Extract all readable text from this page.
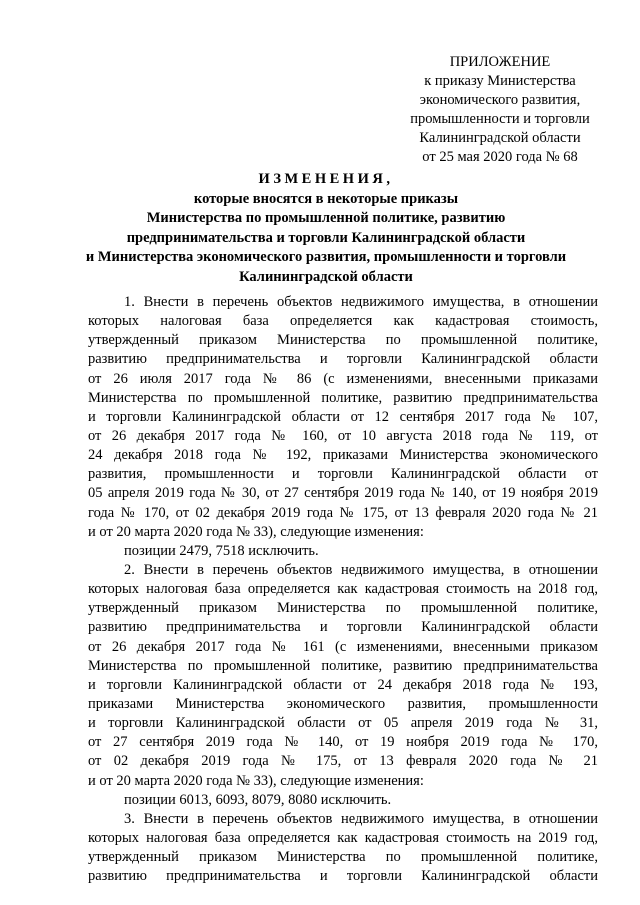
ПРИЛОЖЕНИЕ
к приказу Министерства
экономического развития,
промышленности и торговли
Калининградской области
от 25 мая 2020 года № 68
ИЗМЕНЕНИЯ,
которые вносятся в некоторые приказы
Министерства по промышленной политике, развитию
предпринимательства и торговли Калининградской области
и Министерства экономического развития, промышленности и торговли
Калининградской области
1. Внести в перечень объектов недвижимого имущества, в отношении
которых налоговая база определяется как кадастровая стоимость,
утвержденный приказом Министерства по промышленной политике,
развитию предпринимательства и торговли Калининградской области
от 26 июля 2017 года № 86 (с изменениями, внесенными приказами
Министерства по промышленной политике, развитию предпринимательства
и торговли Калининградской области от 12 сентября 2017 года № 107,
от 26 декабря 2017 года № 160, от 10 августа 2018 года № 119, от
24 декабря 2018 года № 192, приказами Министерства экономического
развития, промышленности и торговли Калининградской области от
05 апреля 2019 года № 30, от 27 сентября 2019 года № 140, от 19 ноября 2019
года № 170, от 02 декабря 2019 года № 175, от 13 февраля 2020 года № 21
и от 20 марта 2020 года № 33), следующие изменения:
позиции 2479, 7518 исключить.
2. Внести в перечень объектов недвижимого имущества, в отношении
которых налоговая база определяется как кадастровая стоимость на 2018 год,
утвержденный приказом Министерства по промышленной политике,
развитию предпринимательства и торговли Калининградской области
от 26 декабря 2017 года № 161 (с изменениями, внесенными приказом
Министерства по промышленной политике, развитию предпринимательства
и торговли Калининградской области от 24 декабря 2018 года № 193,
приказами Министерства экономического развития, промышленности
и торговли Калининградской области от 05 апреля 2019 года № 31,
от 27 сентября 2019 года № 140, от 19 ноября 2019 года № 170,
от 02 декабря 2019 года № 175, от 13 февраля 2020 года № 21
и от 20 марта 2020 года № 33), следующие изменения:
позиции 6013, 6093, 8079, 8080 исключить.
3. Внести в перечень объектов недвижимого имущества, в отношении
которых налоговая база определяется как кадастровая стоимость на 2019 год,
утвержденный приказом Министерства по промышленной политике,
развитию предпринимательства и торговли Калининградской области
